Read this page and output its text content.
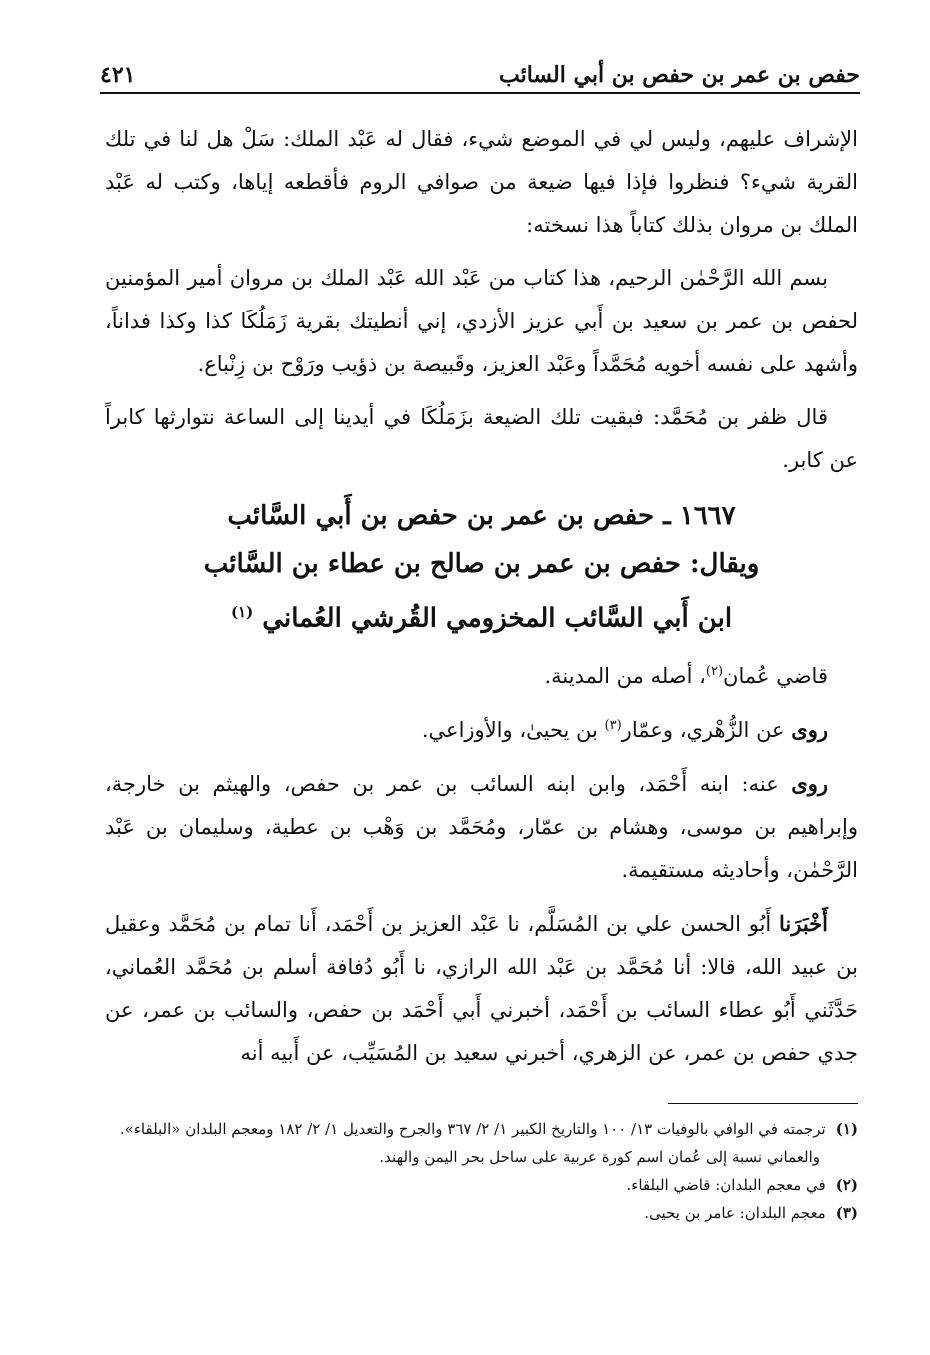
حفص بن عمر بن حفص بن أبي السائب
٤٢١

الإشراف عليهم، وليس لي في الموضع شيء، فقال له عَبْد الملك: سَلْ هل لنا في تلك القرية شيء؟ فنظروا فإذا فيها ضيعة من صوافي الروم فأقطعه إياها، وكتب له عَبْد الملك بن مروان بذلك كتاباً هذا نسخته:

بسم الله الرَّحْمٰن الرحيم، هذا كتاب من عَبْد الله عَبْد الملك بن مروان أمير المؤمنين لحفص بن عمر بن سعيد بن أَبي عزيز الأزدي، إني أنطيتك بقرية زَمَلُكَا كذا وكذا فداناً، وأشهد على نفسه أخويه مُحَمَّداً وعَبْد العزيز، وقَبيصة بن ذؤيب ورَوْح بن زِنْباع.

قال ظفر بن مُحَمَّد: فبقيت تلك الضيعة بزَمَلُكَا في أيدينا إلى الساعة نتوارثها كابراً عن كابر.

١٦٦٧ ـ حفص بن عمر بن حفص بن أَبي السَّائب
ويقال: حفص بن عمر بن صالح بن عطاء بن السَّائب
ابن أَبي السَّائب المخزومي القُرشي العُماني $^{(١)}$

قاضي عُمان$^{(٢)}$، أصله من المدينة.

روى عن الزُّهْري، وعمّار$^{(٣)}$ بن يحيىٰ، والأوزاعي.

روى عنه: ابنه أَحْمَد، وابن ابنه السائب بن عمر بن حفص، والهيثم بن خارجة، وإبراهيم بن موسى، وهشام بن عمّار، ومُحَمَّد بن وَهْب بن عطية، وسليمان بن عَبْد الرَّحْمٰن، وأحاديثه مستقيمة.

أَخْبَرَنا أَبُو الحسن علي بن المُسَلَّم، نا عَبْد العزيز بن أَحْمَد، أَنا تمام بن مُحَمَّد وعقيل بن عبيد الله، قالا: أنا مُحَمَّد بن عَبْد الله الرازي، نا أَبُو دُفافة أسلم بن مُحَمَّد العُماني، حَدَّثَني أَبُو عطاء السائب بن أَحْمَد، أخبرني أَبي أَحْمَد بن حفص، والسائب بن عمر، عن جدي حفص بن عمر، عن الزهري، أخبرني سعيد بن المُسَيِّب، عن أَبيه أنه

(١)
ترجمته في الوافي بالوفيات ١٣/ ١٠٠ والتاريخ الكبير ١/ ٢/ ٣٦٧ والجرح والتعديل ١/ ٢/ ١٨٢ ومعجم البلدان «البلقاء».
والعماني نسبة إلى عُمان اسم كورة عربية على ساحل بحر اليمن والهند.
(٢)
في معجم البلدان: قاضي البلقاء.
(٣)
معجم البلدان: عامر بن يحيى.
